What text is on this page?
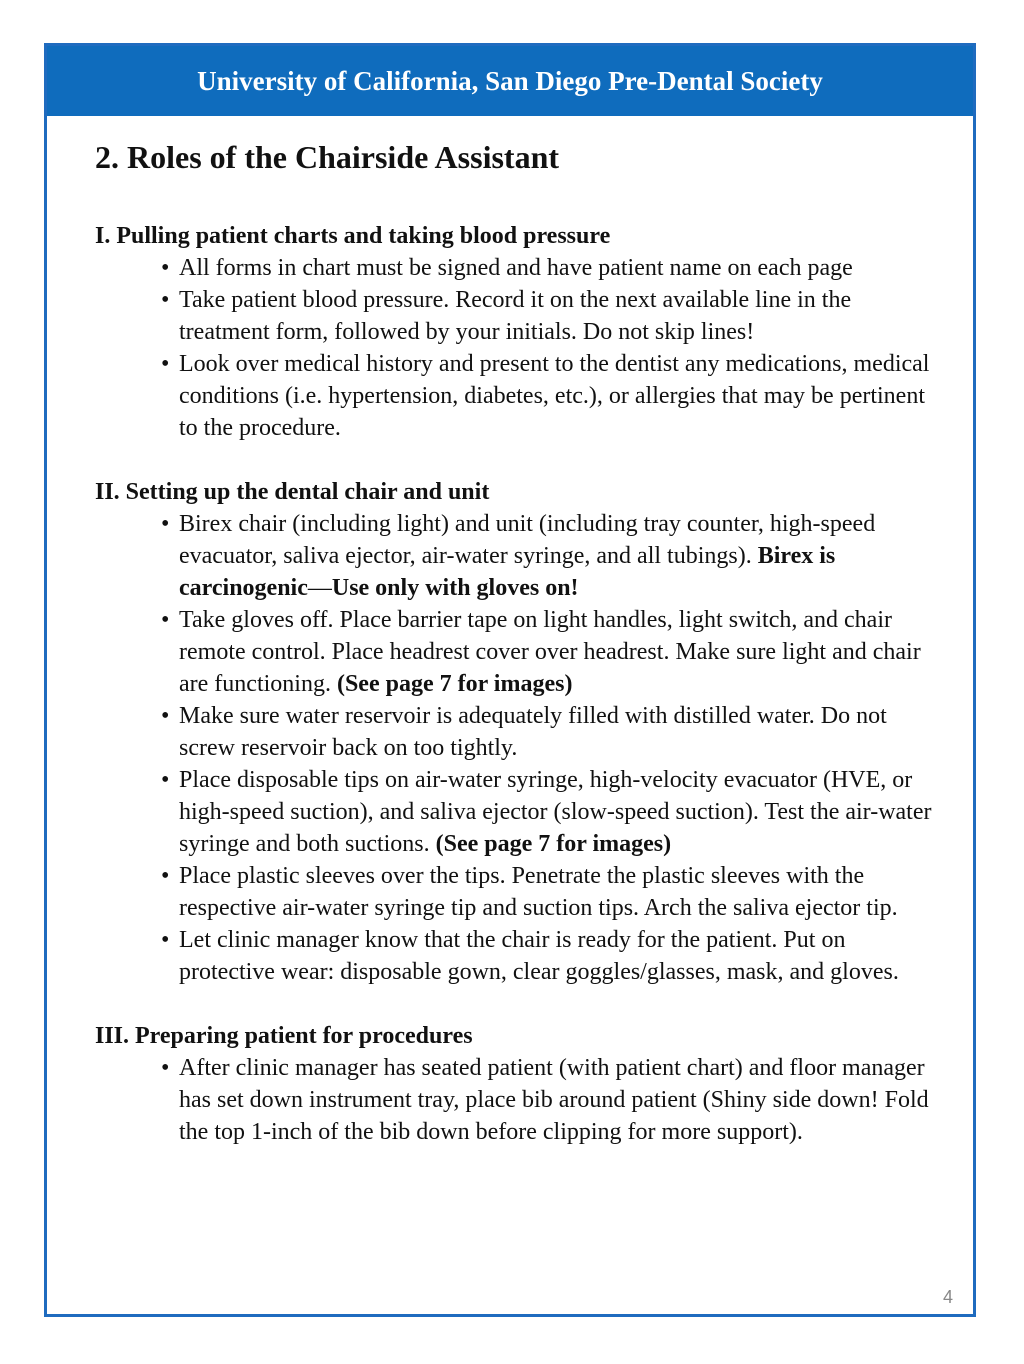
University of California, San Diego Pre-Dental Society
2. Roles of the Chairside Assistant
I. Pulling patient charts and taking blood pressure
• All forms in chart must be signed and have patient name on each page
• Take patient blood pressure. Record it on the next available line in the treatment form, followed by your initials. Do not skip lines!
• Look over medical history and present to the dentist any medications, medical conditions (i.e. hypertension, diabetes, etc.), or allergies that may be pertinent to the procedure.
II. Setting up the dental chair and unit
• Birex chair (including light) and unit (including tray counter, high-speed evacuator, saliva ejector, air-water syringe, and all tubings). Birex is carcinogenic—Use only with gloves on!
• Take gloves off. Place barrier tape on light handles, light switch, and chair remote control. Place headrest cover over headrest. Make sure light and chair are functioning. (See page 7 for images)
• Make sure water reservoir is adequately filled with distilled water. Do not screw reservoir back on too tightly.
• Place disposable tips on air-water syringe, high-velocity evacuator (HVE, or high-speed suction), and saliva ejector (slow-speed suction). Test the air-water syringe and both suctions. (See page 7 for images)
• Place plastic sleeves over the tips. Penetrate the plastic sleeves with the respective air-water syringe tip and suction tips. Arch the saliva ejector tip.
• Let clinic manager know that the chair is ready for the patient. Put on protective wear: disposable gown, clear goggles/glasses, mask, and gloves.
III. Preparing patient for procedures
• After clinic manager has seated patient (with patient chart) and floor manager has set down instrument tray, place bib around patient (Shiny side down! Fold the top 1-inch of the bib down before clipping for more support).
4
